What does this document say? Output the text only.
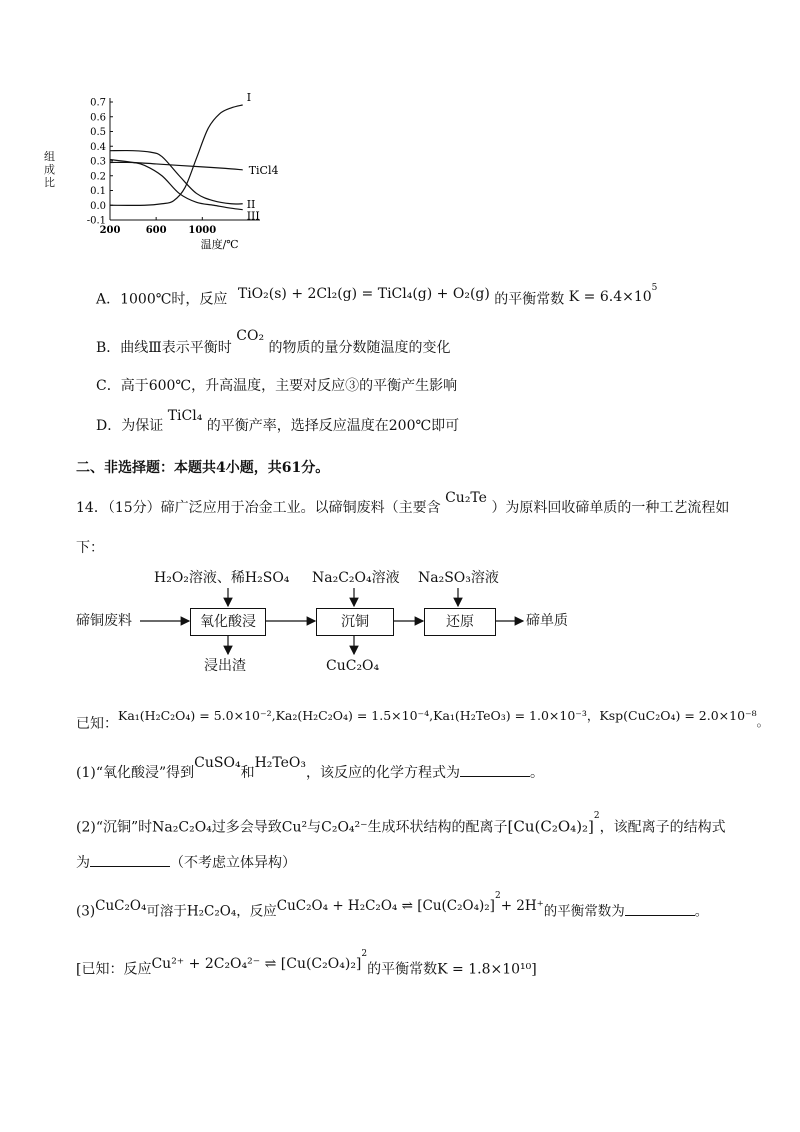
0.7
0.6
0.5
0.4
0.3
0.2
0.1
0.0
-0.1
200	600 1000
温度/℃
I
TiCl4
II
III
组成比
A．1000℃时，反应 TiO₂(s) + 2Cl₂(g) = TiCl₄(g) + O₂(g) 的平衡常数 $K = 6.4\times 10^5$
B．曲线Ⅲ表示平衡时 CO₂ 的物质的量分数随温度的变化
C．高于600℃，升高温度，主要对反应③的平衡产生影响
D．为保证 TiCl₄ 的平衡产率，选择反应温度在200℃即可
二、非选择题：本题共4小题，共61分。
14．（15分）碲广泛应用于冶金工业。以碲铜废料（主要含 Cu₂Te ）为原料回收碲单质的一种工艺流程如
下：
H₂O₂溶液、稀H₂SO₄ Na₂C₂O₄溶液 Na₂SO₃溶液
碲铜废料	氧化酸浸	沉铜	还原	碲单质
浸出渣	CuC₂O₄
已知：Ka₁(H₂C₂O₄) = 5.0×10⁻²,Ka₂(H₂C₂O₄) = 1.5×10⁻⁴,Ka₁(H₂TeO₃) = 1.0×10⁻³，Ksp(CuC₂O₄) = 2.0×10⁻⁸。
(1)“氧化酸浸”得到CuSO₄和H₂TeO₃，该反应的化学方程式为	。
(2)“沉铜”时Na₂C₂O₄过多会导致Cu²与C₂O₄²⁻生成环状结构的配离子$[Cu(C_2O_4)_2]^2$，该配离子的结构式
为	（不考虑立体异构）
(3)CuC₂O₄可溶于H₂C₂O₄，反应CuC₂O₄ + H₂C₂O₄ ⇌ $[Cu(C_2O_4)_2]^2+ 2H^+$的平衡常数为	。
[已知：反应Cu²⁺ + 2C₂O₄²⁻ ⇌ $[Cu(C_2O_4)_2]^2$的平衡常数K = 1.8×10¹⁰]
